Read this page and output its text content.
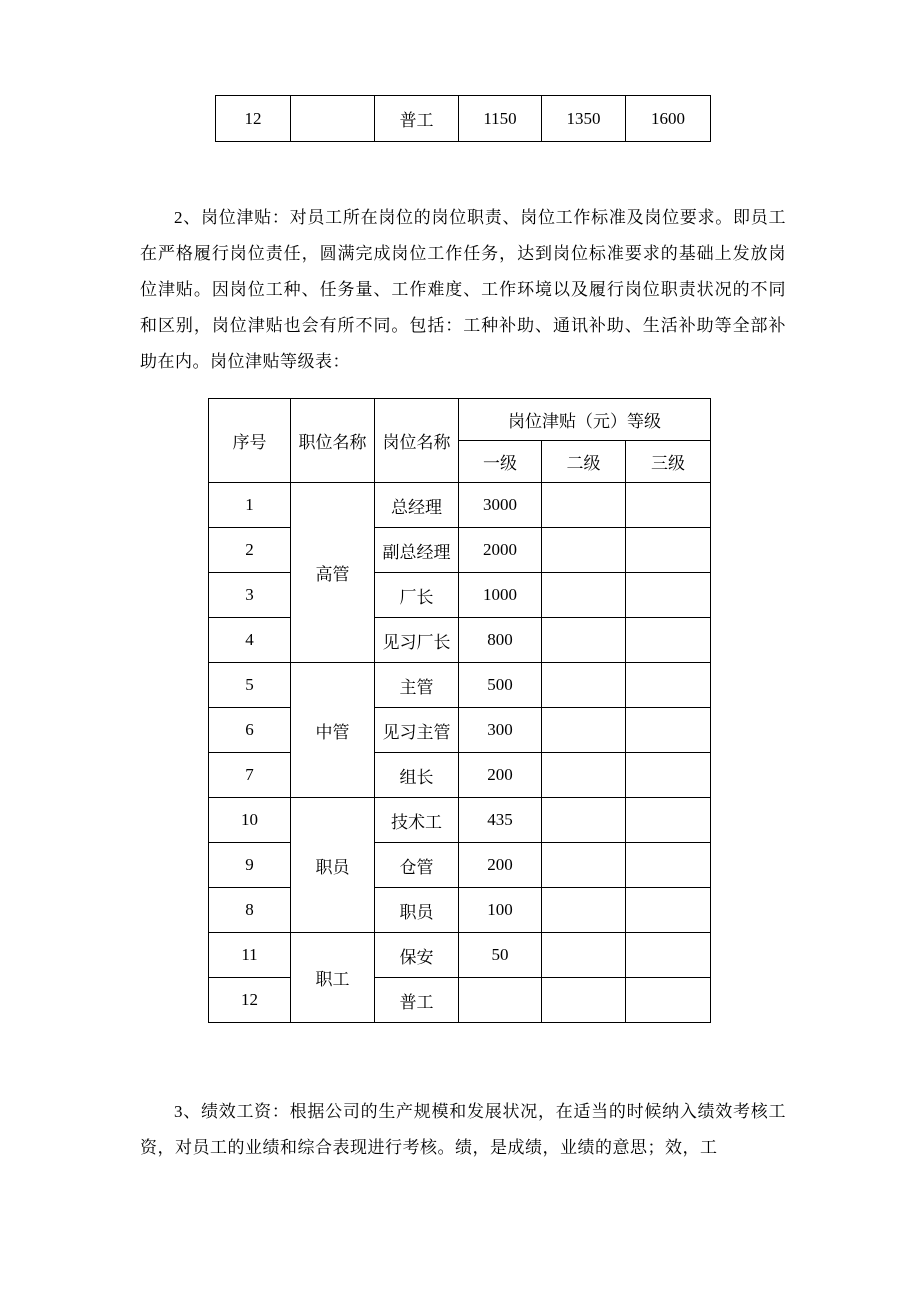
12		普工	1150	1350	1600

2、岗位津贴：对员工所在岗位的岗位职责、岗位工作标准及岗位要求。即员工在严格履行岗位责任，圆满完成岗位工作任务，达到岗位标准要求的基础上发放岗位津贴。因岗位工种、任务量、工作难度、工作环境以及履行岗位职责状况的不同和区别，岗位津贴也会有所不同。包括：工种补助、通讯补助、生活补助等全部补助在内。岗位津贴等级表：

序号	职位名称	岗位名称	岗位津贴（元）等级		
			一级	二级	三级
1	高管	总经理	3000		
2		副总经理	2000		
3		厂长	1000		
4		见习厂长	800		
5	中管	主管	500		
6		见习主管	300		
7		组长	200		
10	职员	技术工	435		
9		仓管	200		
8		职员	100		
11	职工	保安	50		
12		普工			

3、绩效工资：根据公司的生产规模和发展状况，在适当的时候纳入绩效考核工资，对员工的业绩和综合表现进行考核。绩，是成绩，业绩的意思；效，工
